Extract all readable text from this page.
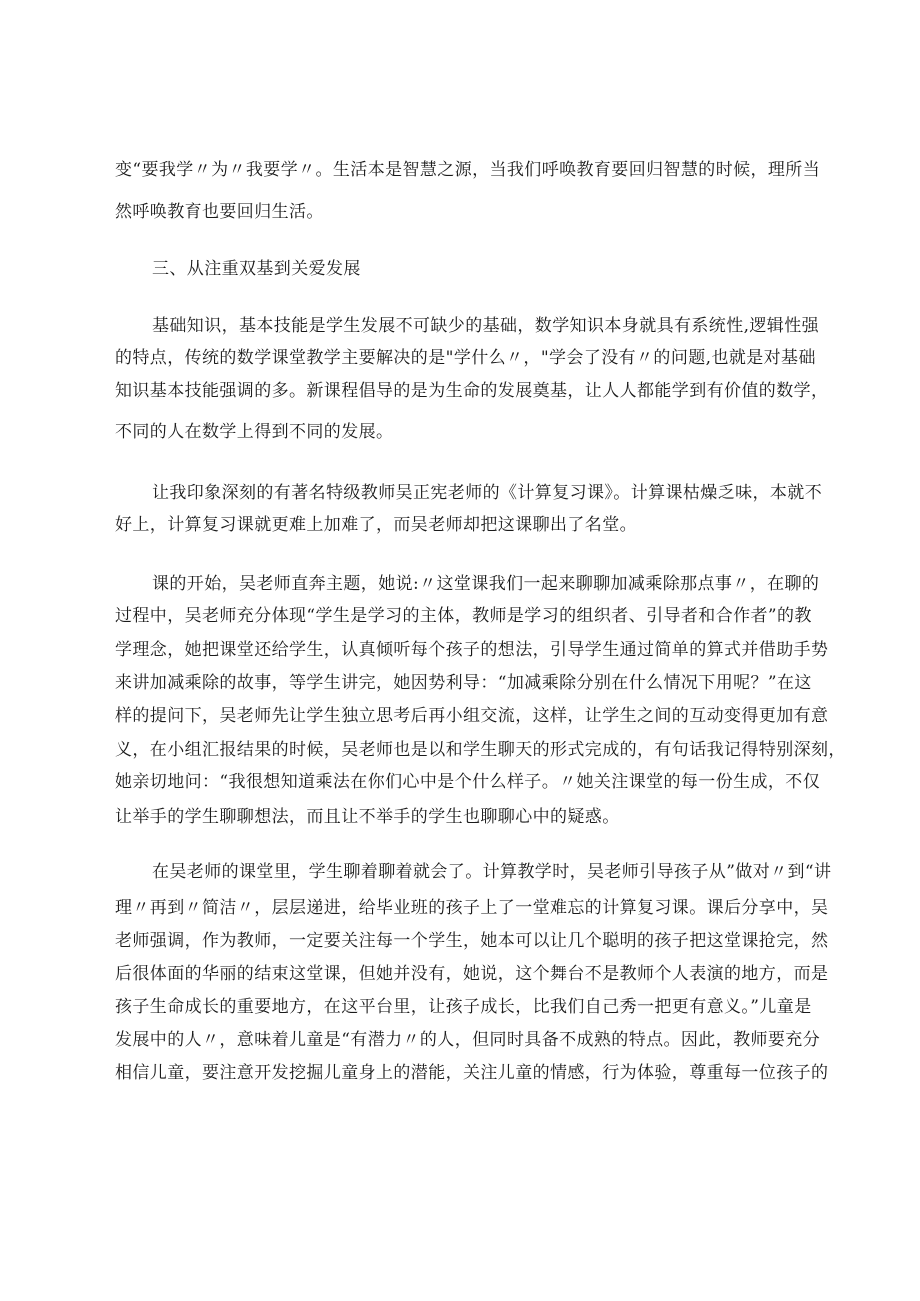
变“要我学〃为〃我要学〃。生活本是智慧之源，当我们呼唤教育要回归智慧的时候，理所当
然呼唤教育也要回归生活。
三、从注重双基到关爱发展
基础知识，基本技能是学生发展不可缺少的基础，数学知识本身就具有系统性,逻辑性强
的特点，传统的数学课堂教学主要解决的是"学什么〃，"学会了没有〃的问题,也就是对基础
知识基本技能强调的多。新课程倡导的是为生命的发展奠基，让人人都能学到有价值的数学，
不同的人在数学上得到不同的发展。
让我印象深刻的有著名特级教师吴正宪老师的《计算复习课》。计算课枯燥乏味，本就不
好上，计算复习课就更难上加难了，而吴老师却把这课聊出了名堂。
课的开始，吴老师直奔主题，她说:〃这堂课我们一起来聊聊加减乘除那点事〃，在聊的
过程中，吴老师充分体现“学生是学习的主体，教师是学习的组织者、引导者和合作者”的教
学理念，她把课堂还给学生，认真倾听每个孩子的想法，引导学生通过简单的算式并借助手势
来讲加减乘除的故事，等学生讲完，她因势利导：“加减乘除分别在什么情况下用呢？”在这
样的提问下，吴老师先让学生独立思考后再小组交流，这样，让学生之间的互动变得更加有意
义，在小组汇报结果的时候，吴老师也是以和学生聊天的形式完成的，有句话我记得特别深刻，
她亲切地问：“我很想知道乘法在你们心中是个什么样子。〃她关注课堂的每一份生成，不仅
让举手的学生聊聊想法，而且让不举手的学生也聊聊心中的疑惑。
在吴老师的课堂里，学生聊着聊着就会了。计算教学时，吴老师引导孩子从”做对〃到“讲
理〃再到〃简洁〃，层层递进，给毕业班的孩子上了一堂难忘的计算复习课。课后分享中，吴
老师强调，作为教师，一定要关注每一个学生，她本可以让几个聪明的孩子把这堂课抢完，然
后很体面的华丽的结束这堂课，但她并没有，她说，这个舞台不是教师个人表演的地方，而是
孩子生命成长的重要地方，在这平台里，让孩子成长，比我们自己秀一把更有意义。”儿童是
发展中的人〃，意味着儿童是“有潜力〃的人，但同时具备不成熟的特点。因此，教师要充分
相信儿童，要注意开发挖掘儿童身上的潜能，关注儿童的情感，行为体验，尊重每一位孩子的
